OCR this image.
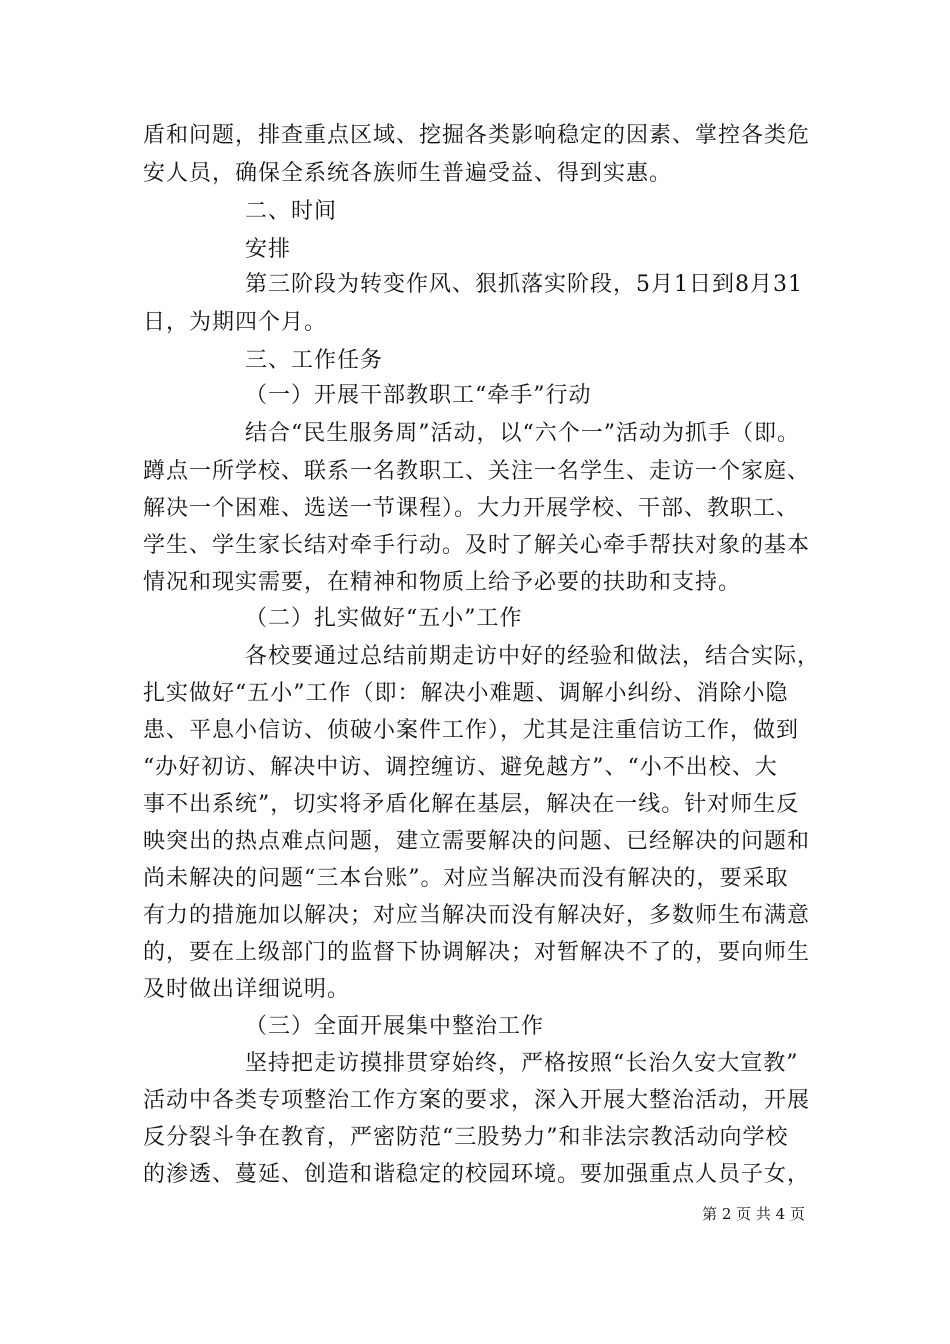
盾和问题，排查重点区域、挖掘各类影响稳定的因素、掌控各类危
安人员，确保全系统各族师生普遍受益、得到实惠。
二、时间
安排
第三阶段为转变作风、狠抓落实阶段，5月1日到8月31
日，为期四个月。
三、工作任务
（一）开展干部教职工“牵手”行动
结合“民生服务周”活动，以“六个一”活动为抓手（即。
蹲点一所学校、联系一名教职工、关注一名学生、走访一个家庭、
解决一个困难、选送一节课程）。大力开展学校、干部、教职工、
学生、学生家长结对牵手行动。及时了解关心牵手帮扶对象的基本
情况和现实需要，在精神和物质上给予必要的扶助和支持。
（二）扎实做好“五小”工作
各校要通过总结前期走访中好的经验和做法，结合实际，
扎实做好“五小”工作（即：解决小难题、调解小纠纷、消除小隐
患、平息小信访、侦破小案件工作），尤其是注重信访工作，做到
“办好初访、解决中访、调控缠访、避免越方”、“小不出校、大
事不出系统”，切实将矛盾化解在基层，解决在一线。针对师生反
映突出的热点难点问题，建立需要解决的问题、已经解决的问题和
尚未解决的问题“三本台账”。对应当解决而没有解决的，要采取
有力的措施加以解决；对应当解决而没有解决好，多数师生布满意
的，要在上级部门的监督下协调解决；对暂解决不了的，要向师生
及时做出详细说明。
（三）全面开展集中整治工作
坚持把走访摸排贯穿始终，严格按照“长治久安大宣教”
活动中各类专项整治工作方案的要求，深入开展大整治活动，开展
反分裂斗争在教育，严密防范“三股势力”和非法宗教活动向学校
的渗透、蔓延、创造和谐稳定的校园环境。要加强重点人员子女，
第 2 页 共 4 页
